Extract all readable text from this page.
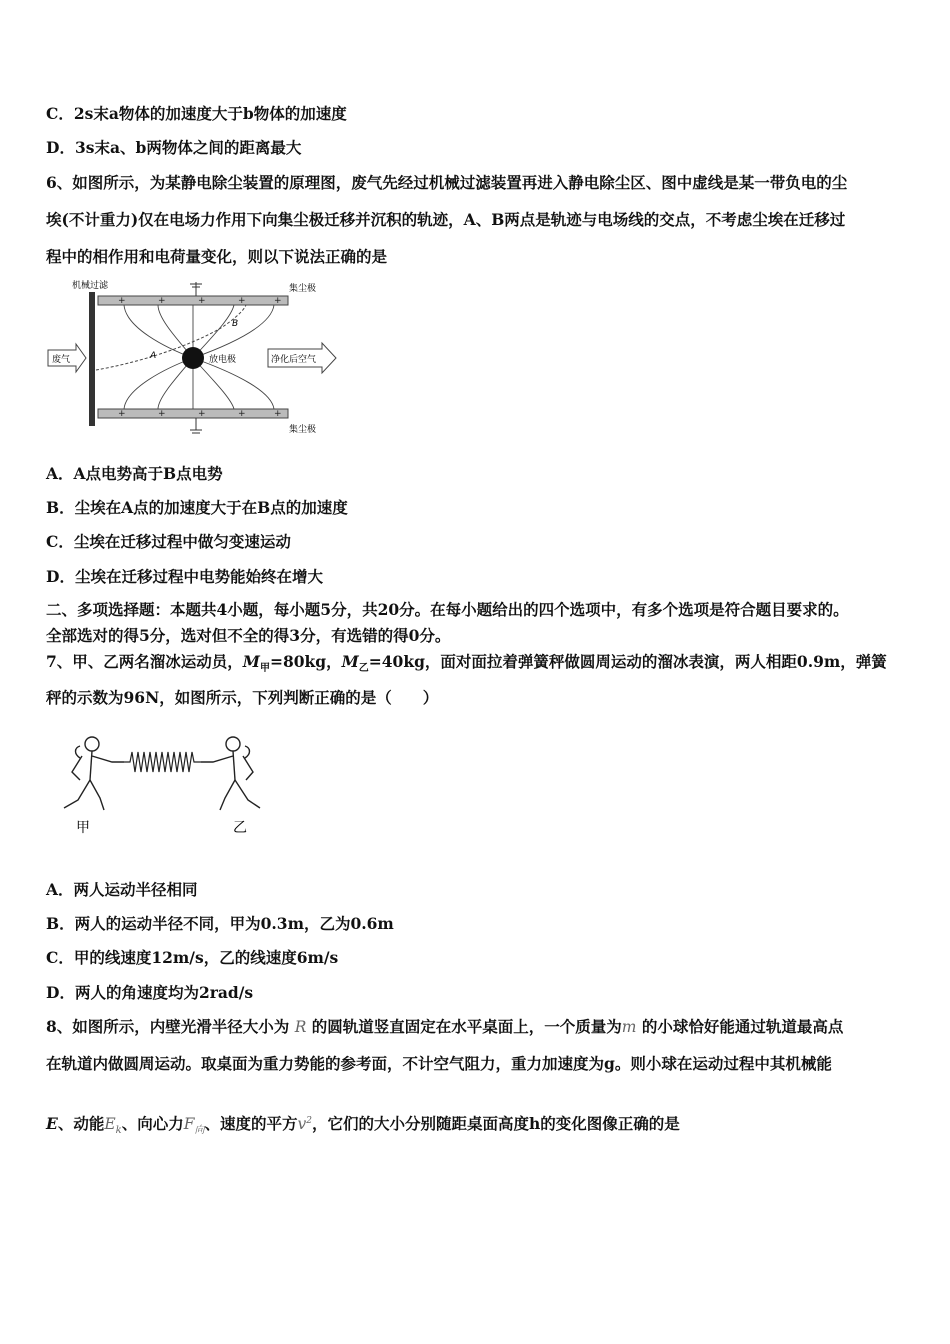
C．2s末a物体的加速度大于b物体的加速度
D．3s末a、b两物体之间的距离最大
6、如图所示，为某静电除尘装置的原理图，废气先经过机械过滤装置再进入静电除尘区、图中虚线是某一带负电的尘
埃(不计重力)仅在电场力作用下向集尘极迁移并沉积的轨迹，A、B两点是轨迹与电场线的交点，不考虑尘埃在迁移过
程中的相作用和电荷量变化，则以下说法正确的是
机械过滤	集尘极
集尘极
+	+	+	+	+
+	+	+	+	+
A
B
放电极
废气	净化后空气
A．A点电势高于B点电势
B．尘埃在A点的加速度大于在B点的加速度
C．尘埃在迁移过程中做匀变速运动
D．尘埃在迁移过程中电势能始终在增大
二、多项选择题：本题共4小题，每小题5分，共20分。在每小题给出的四个选项中，有多个选项是符合题目要求的。
全部选对的得5分，选对但不全的得3分，有选错的得0分。
7、甲、乙两名溜冰运动员，$M_甲=80kg$，$M_乙=40kg$，面对面拉着弹簧秤做圆周运动的溜冰表演，两人相距0.9m，弹簧
秤的示数为96N，如图所示，下列判断正确的是（　　）
甲	乙
A．两人运动半径相同
B．两人的运动半径不同，甲为0.3m，乙为0.6m
C．甲的线速度12m/s，乙的线速度6m/s
D．两人的角速度均为2rad/s
8、如图所示，内壁光滑半径大小为 R 的圆轨道竖直固定在水平桌面上，一个质量为m 的小球恰好能通过轨道最高点
在轨道内做圆周运动。取桌面为重力势能的参考面，不计空气阻力，重力加速度为g。则小球在运动过程中其机械能
E、动能$E_k$、向心力$F_向$、速度的平方$v^2$，它们的大小分别随距桌面高度h的变化图像正确的是
